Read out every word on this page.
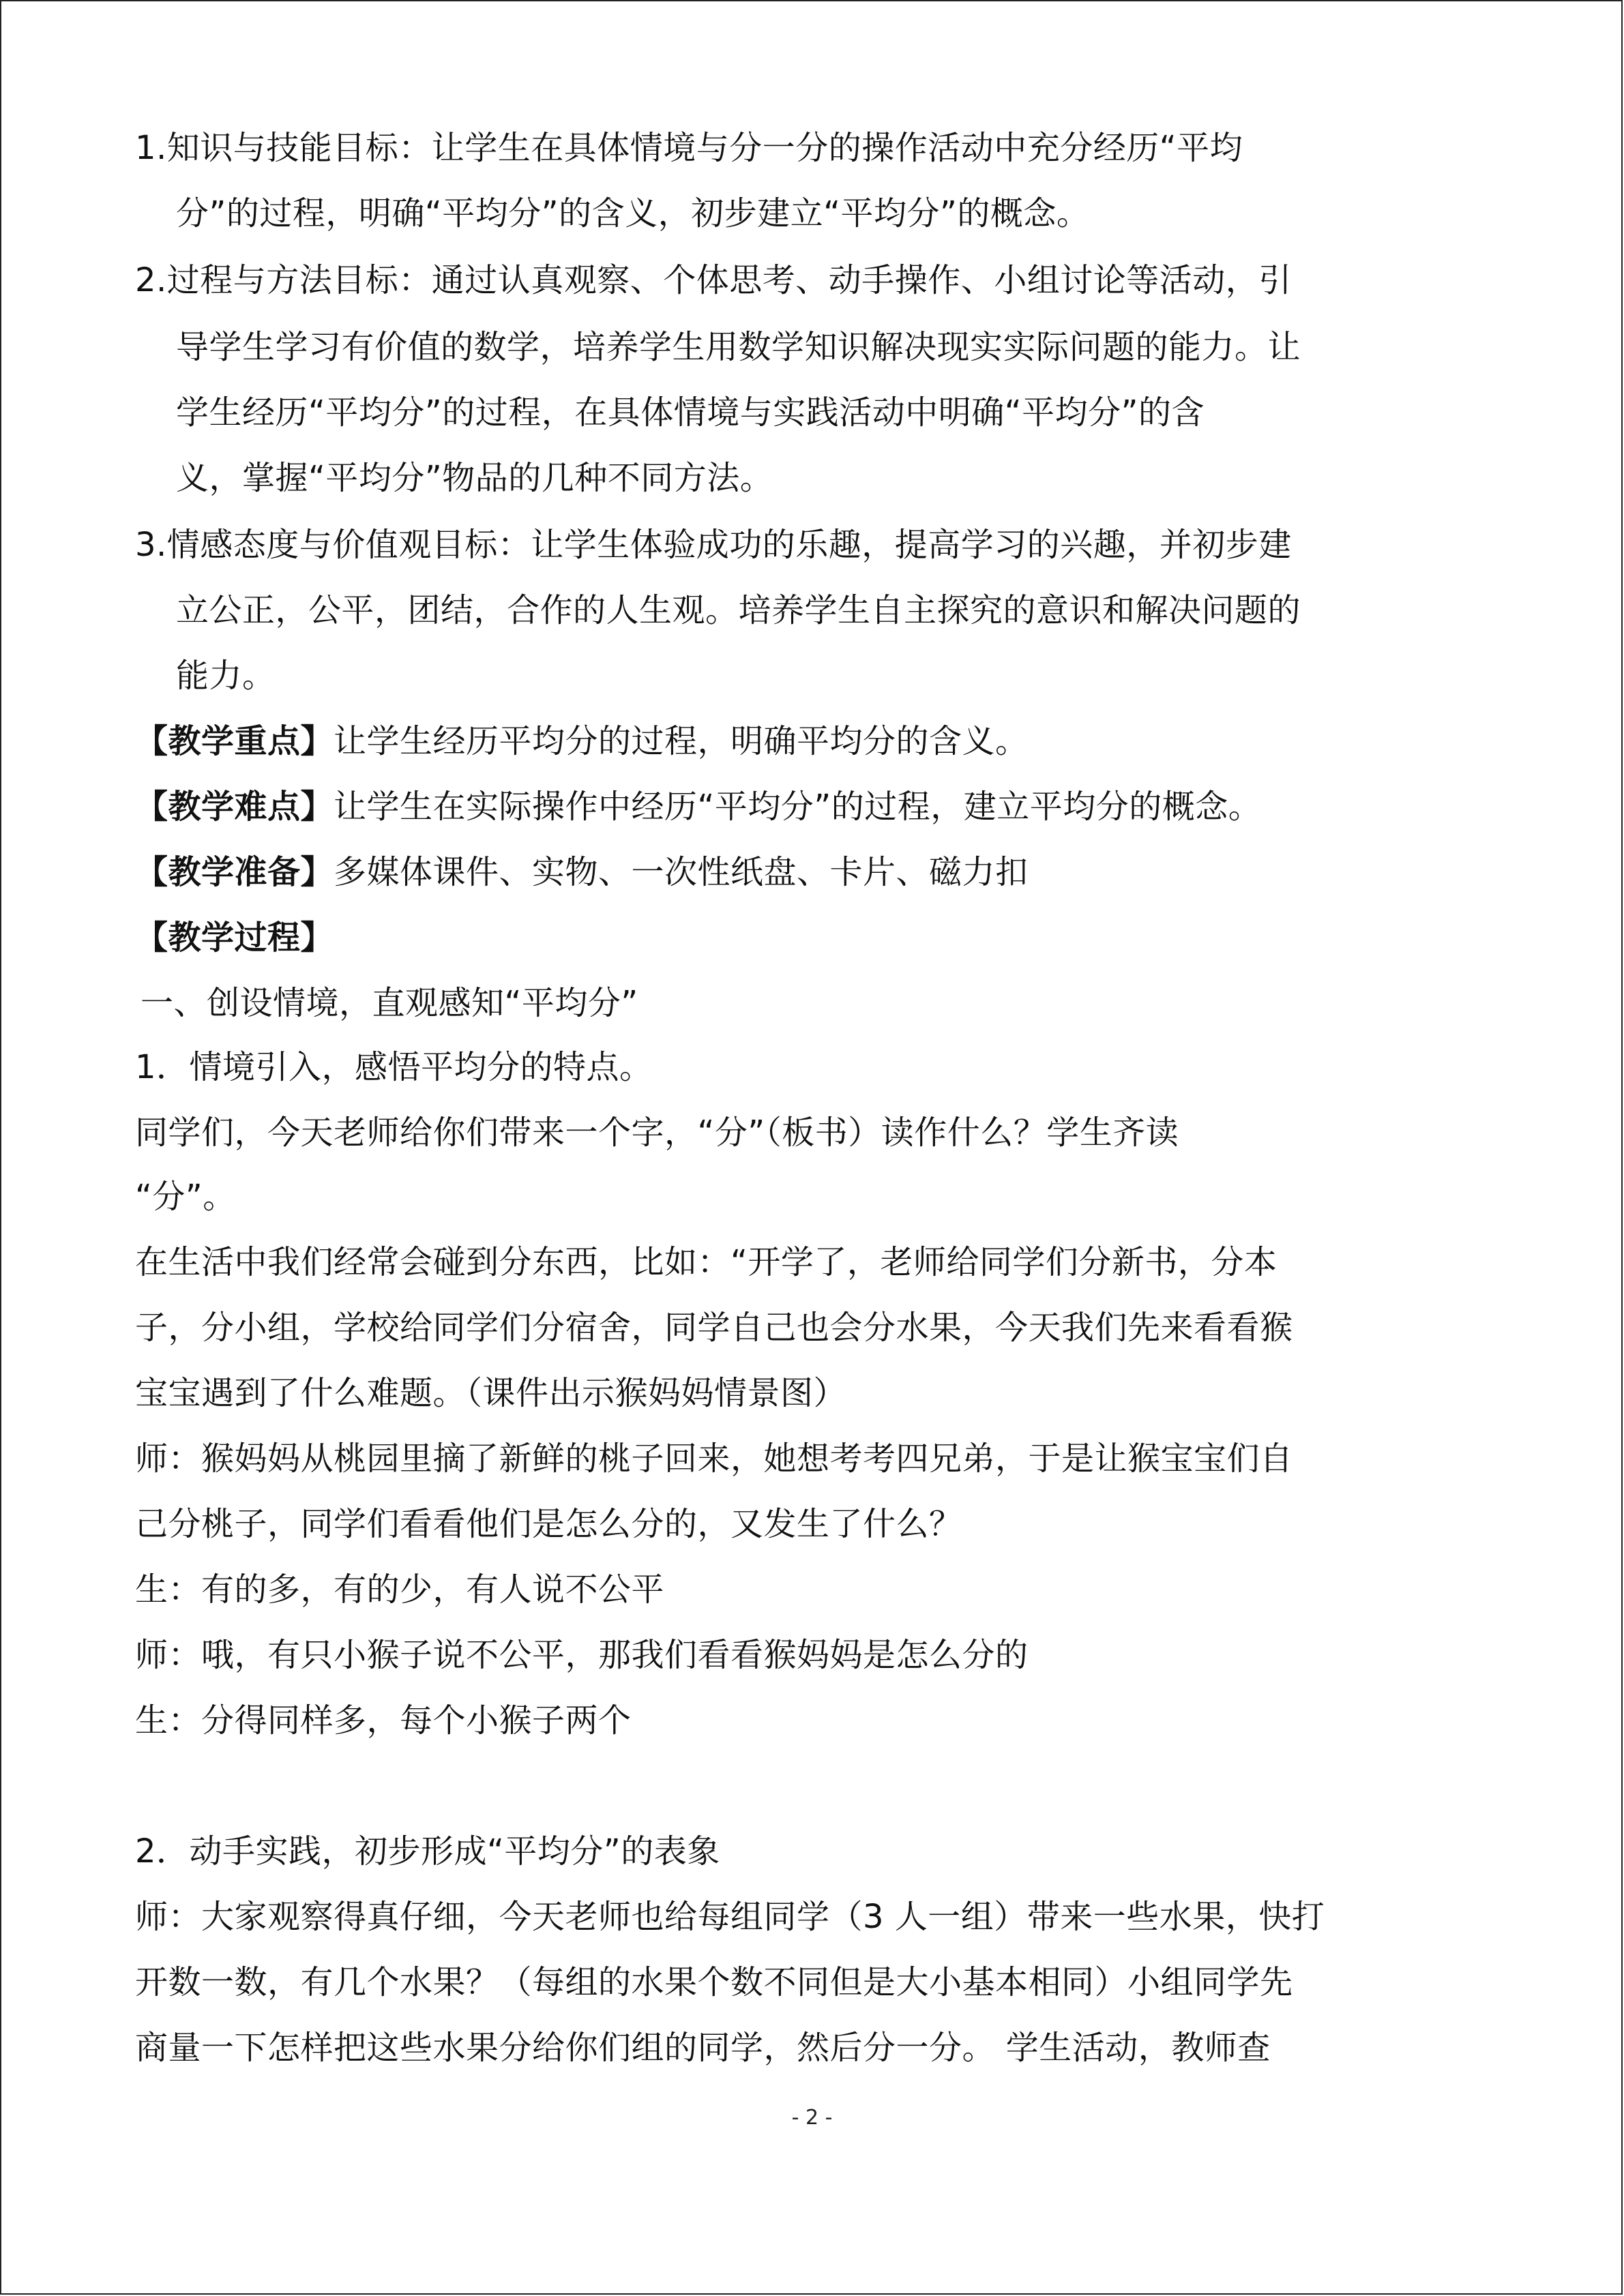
1.知识与技能目标：让学生在具体情境与分一分的操作活动中充分经历“平均
分”的过程，明确“平均分”的含义，初步建立“平均分”的概念。
2.过程与方法目标：通过认真观察、个体思考、动手操作、小组讨论等活动，引
导学生学习有价值的数学，培养学生用数学知识解决现实实际问题的能力。让
学生经历“平均分”的过程，在具体情境与实践活动中明确“平均分”的含
义，掌握“平均分”物品的几种不同方法。
3.情感态度与价值观目标：让学生体验成功的乐趣，提高学习的兴趣，并初步建
立公正，公平，团结，合作的人生观。培养学生自主探究的意识和解决问题的
能力。
【教学重点】让学生经历平均分的过程，明确平均分的含义。
【教学难点】让学生在实际操作中经历“平均分”的过程，建立平均分的概念。
【教学准备】多媒体课件、实物、一次性纸盘、卡片、磁力扣
【教学过程】
一、创设情境，直观感知“平均分”
1．情境引入，感悟平均分的特点。
同学们，今天老师给你们带来一个字，“分”（板书）读作什么？学生齐读
“分”。
在生活中我们经常会碰到分东西，比如：“开学了，老师给同学们分新书，分本
子，分小组，学校给同学们分宿舍，同学自己也会分水果，今天我们先来看看猴
宝宝遇到了什么难题。（课件出示猴妈妈情景图）
师：猴妈妈从桃园里摘了新鲜的桃子回来，她想考考四兄弟，于是让猴宝宝们自
己分桃子，同学们看看他们是怎么分的，又发生了什么？
生：有的多，有的少，有人说不公平
师：哦，有只小猴子说不公平，那我们看看猴妈妈是怎么分的
生：分得同样多，每个小猴子两个
2．动手实践，初步形成“平均分”的表象
师：大家观察得真仔细，今天老师也给每组同学（3 人一组）带来一些水果，快打
开数一数，有几个水果？（每组的水果个数不同但是大小基本相同）小组同学先
商量一下怎样把这些水果分给你们组的同学，然后分一分。 学生活动，教师查
- 2 -
